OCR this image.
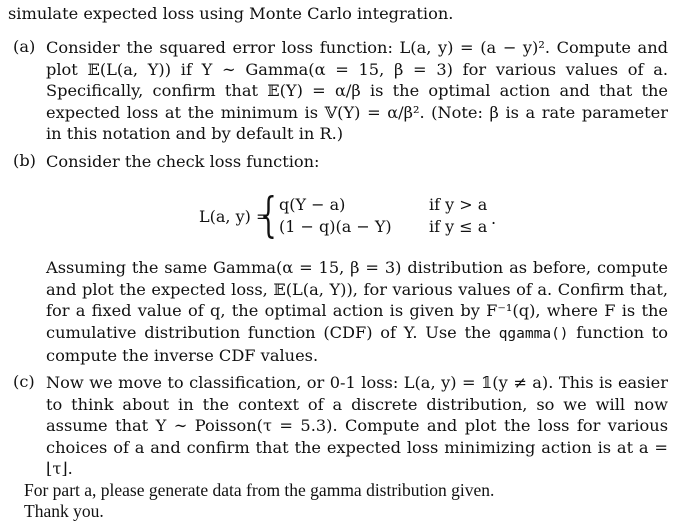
simulate expected loss using Monte Carlo integration.
(a) Consider the squared error loss function: L(a, y) = (a − y)². Compute and plot 𝔼(L(a, Y)) if Y ∼ Gamma(α = 15, β = 3) for various values of a. Specifically, confirm that 𝔼(Y) = α/β is the optimal action and that the expected loss at the minimum is 𝕍(Y) = α/β². (Note: β is a rate parameter in this notation and by default in R.)

(b) Consider the check loss function:

L(a, y) =
{ q(Y − a)	if y > a
(1 − q)(a − Y) if y ≤ a .

Assuming the same Gamma(α = 15, β = 3) distribution as before, compute and plot the expected loss, 𝔼(L(a, Y)), for various values of a. Confirm that, for a fixed value of q, the optimal action is given by F⁻¹(q), where F is the cumulative distribution function (CDF) of Y. Use the qgamma() function to compute the inverse CDF values.

(c) Now we move to classification, or 0-1 loss: L(a, y) = 𝟙(y ≠ a). This is easier to think about in the context of a discrete distribution, so we will now assume that Y ∼ Poisson(τ = 5.3). Compute and plot the loss for various choices of a and confirm that the expected loss minimizing action is at a = ⌊τ⌋.

For part a, please generate data from the gamma distribution given.
Thank you.
